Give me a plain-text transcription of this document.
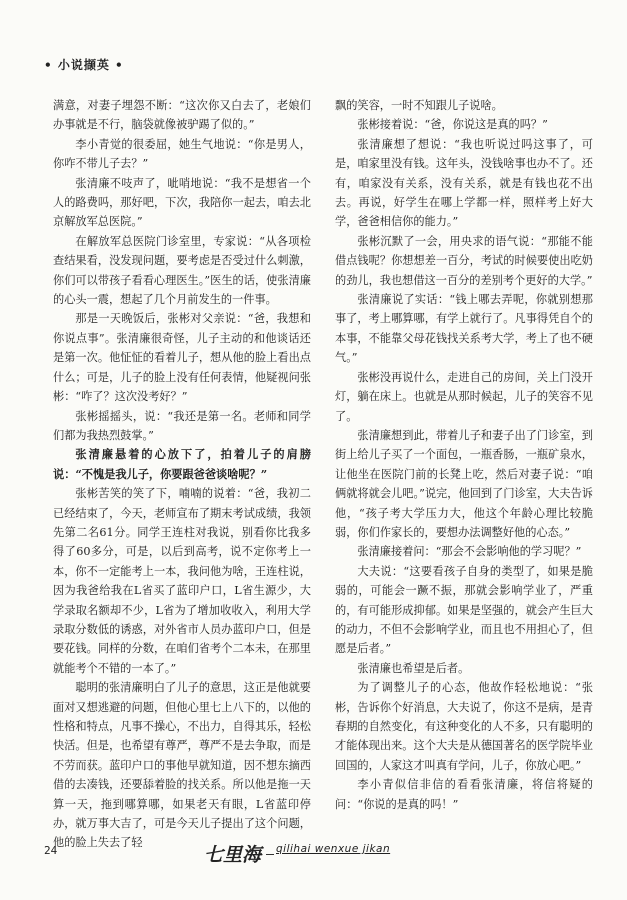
• 小说撷英 •

满意，对妻子埋怨不断：“这次你又白去了，老娘们办事就是不行，脑袋就像被驴踢了似的。”

李小青觉的很委屈，她生气地说：“你是男人，你咋不带儿子去？”

张清廉不吱声了，呲哨地说：“我不是想省一个人的路费吗，那好吧，下次，我陪你一起去，咱去北京解放军总医院。”

在解放军总医院门诊室里，专家说：“从各项检查结果看，没发现问题，要考虑是否受过什么刺激，你们可以带孩子看看心理医生。”医生的话，使张清廉的心头一震，想起了几个月前发生的一件事。

那是一天晚饭后，张彬对父亲说：“爸，我想和你说点事”。张清廉很奇怪，儿子主动的和他谈话还是第一次。他怔怔的看着儿子，想从他的脸上看出点什么；可是，儿子的脸上没有任何表情，他疑视问张彬：“咋了？这次没考好？”

张彬摇摇头，说：“我还是第一名。老师和同学们都为我热烈鼓掌。”

张清廉悬着的心放下了，拍着儿子的肩膀说：“不愧是我儿子，你要跟爸爸谈啥呢？”

张彬苦笑的笑了下，喃喃的说着：“爸，我初二已经结束了，今天，老师宣布了期末考试成绩，我领先第二名61分。同学王连柱对我说，别看你比我多得了60多分，可是，以后到高考，说不定你考上一本，你不一定能考上一本，我问他为啥，王连柱说，因为我爸给我在L省买了蓝印户口，L省生源少，大学录取名额却不少，L省为了增加收收入，利用大学录取分数低的诱惑，对外省市人员办蓝印户口，但是要花钱。同样的分数，在咱们省考个二本未，在那里就能考个不错的一本了。”

聪明的张清廉明白了儿子的意思，这正是他就要面对又想逃避的问题，但他心里七上八下的，以他的性格和特点，凡事不操心，不出力，自得其乐，轻松快活。但是，也希望有尊严，尊严不是去争取，而是不劳而获。蓝印户口的事他早就知道，因不想东摘西借的去凑钱，还要舔着脸的找关系。所以他是拖一天算一天，拖到哪算哪，如果老天有眼，L省蓝印停办，就万事大吉了，可是今天儿子提出了这个问题，他的脸上失去了轻

飘的笑容，一时不知跟儿子说啥。

张彬接着说：“爸，你说这是真的吗？”

张清廉想了想说：“我也听说过吗这事了，可是，咱家里没有钱。这年头，没钱啥事也办不了。还有，咱家没有关系，没有关系，就是有钱也花不出去。再说，好学生在哪上学都一样，照样考上好大学，爸爸相信你的能力。”

张彬沉默了一会，用央求的语气说：“那能不能借点钱呢？你想想差一百分，考试的时候要使出吃奶的劲儿，我也想借这一百分的差别考个更好的大学。”

张清廉说了实话：“钱上哪去弄呢，你就别想那事了，考上哪算哪，有学上就行了。凡事得凭自个的本事，不能靠父母花钱找关系考大学，考上了也不硬气。”

张彬没再说什么，走进自己的房间，关上门没开灯，躺在床上。也就是从那时候起，儿子的笑容不见了。

张清廉想到此，带着儿子和妻子出了门诊室，到街上给儿子买了一个面包，一瓶香肠，一瓶矿泉水，让他坐在医院门前的长凳上吃，然后对妻子说：“咱俩就将就会儿吧。”说完，他回到了门诊室，大夫告诉他，“孩子考大学压力大，他这个年龄心理比较脆弱，你们作家长的，要想办法调整好他的心态。”

张清廉接着问：“那会不会影响他的学习呢？”

大夫说：“这要看孩子自身的类型了，如果是脆弱的，可能会一蹶不振，那就会影响学业了，严重的，有可能形成抑郁。如果是坚强的，就会产生巨大的动力，不但不会影响学业，而且也不用担心了，但愿是后者。”

张清廉也希望是后者。

为了调整儿子的心态，他故作轻松地说：“张彬，告诉你个好消息，大夫说了，你这不是病，是青春期的自然变化，有这种变化的人不多，只有聪明的才能体现出来。这个大夫是从德国著名的医学院毕业回国的，人家这才叫真有学问，儿子，你放心吧。”

李小青似信非信的看看张清廉，将信将疑的问：“你说的是真的吗！”

24	七里海 qilihai wenxue jikan
